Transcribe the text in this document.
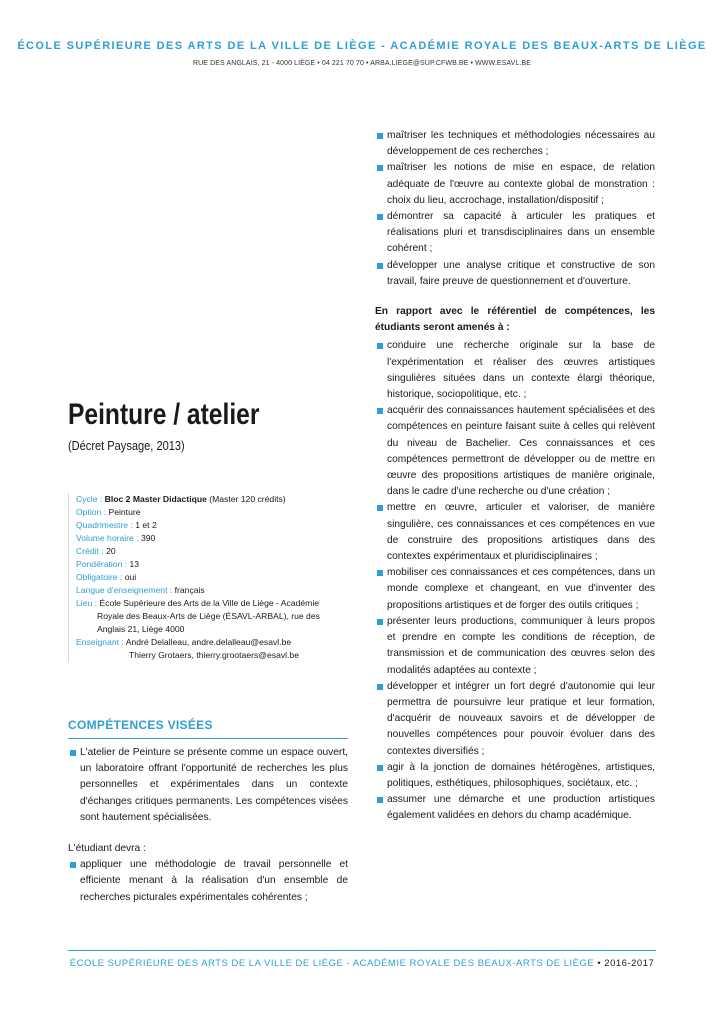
ÉCOLE SUPÉRIEURE DES ARTS DE LA VILLE DE LIÈGE - ACADÉMIE ROYALE DES BEAUX-ARTS DE LIÈGE
RUE DES ANGLAIS, 21 - 4000 LIÈGE • 04 221 70 70 • ARBA.LIEGE@SUP.CFWB.BE • WWW.ESAVL.BE
Peinture / atelier
(Décret Paysage, 2013)
Cycle : Bloc 2 Master Didactique (Master 120 crédits)
Option : Peinture
Quadrimestre : 1 et 2
Volume horaire : 390
Crédit : 20
Pondération : 13
Obligatoire : oui
Langue d'enseignement : français
Lieu : École Supérieure des Arts de la Ville de Liège - Académie
Royale des Beaux-Arts de Liège (ÉSAVL-ARBAL), rue des
Anglais 21, Liège 4000
Enseignant : André Delalleau, andre.delalleau@esavl.be
Thierry Grotaers, thierry.grootaers@esavl.be
COMPÉTENCES VISÉES
L'atelier de Peinture se présente comme un espace ouvert, un laboratoire offrant l'opportunité de recherches les plus personnelles et expérimentales dans un contexte d'échanges critiques permanents. Les compétences visées sont hautement spécialisées.
L'étudiant devra :
appliquer une méthodologie de travail personnelle et efficiente menant à la réalisation d'un ensemble de recherches picturales expérimentales cohérentes ;
maîtriser les techniques et méthodologies nécessaires au développement de ces recherches ;
maîtriser les notions de mise en espace, de relation adéquate de l'œuvre au contexte global de monstration : choix du lieu, accrochage, installation/dispositif ;
démontrer sa capacité à articuler les pratiques et réalisations pluri et transdisciplinaires dans un ensemble cohérent ;
développer une analyse critique et constructive de son travail, faire preuve de questionnement et d'ouverture.
En rapport avec le référentiel de compétences, les étudiants seront amenés à :
conduire une recherche originale sur la base de l'expérimentation et réaliser des œuvres artistiques singulières situées dans un contexte élargi théorique, historique, sociopolitique, etc. ;
acquérir des connaissances hautement spécialisées et des compétences en peinture faisant suite à celles qui relèvent du niveau de Bachelier. Ces connaissances et ces compétences permettront de développer ou de mettre en œuvre des propositions artistiques de manière originale, dans le cadre d'une recherche ou d'une création ;
mettre en œuvre, articuler et valoriser, de manière singulière, ces connaissances et ces compétences en vue de construire des propositions artistiques dans des contextes expérimentaux et pluridisciplinaires ;
mobiliser ces connaissances et ces compétences, dans un monde complexe et changeant, en vue d'inventer des propositions artistiques et de forger des outils critiques ;
présenter leurs productions, communiquer à leurs propos et prendre en compte les conditions de réception, de transmission et de communication des œuvres selon des modalités adaptées au contexte ;
développer et intégrer un fort degré d'autonomie qui leur permettra de poursuivre leur pratique et leur formation, d'acquérir de nouveaux savoirs et de développer de nouvelles compétences pour pouvoir évoluer dans des contextes diversifiés ;
agir à la jonction de domaines hétérogènes, artistiques, politiques, esthétiques, philosophiques, sociétaux, etc. ;
assumer une démarche et une production artistiques également validées en dehors du champ académique.
ÉCOLE SUPÉRIEURE DES ARTS DE LA VILLE DE LIÈGE - ACADÉMIE ROYALE DES BEAUX-ARTS DE LIÈGE • 2016-2017
